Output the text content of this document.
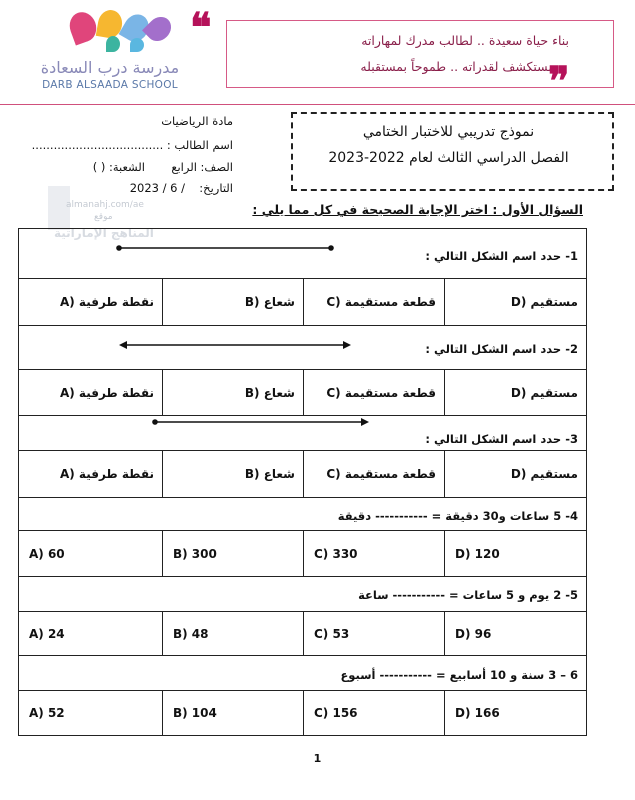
مدرسة درب السعادة
DARB ALSAADA SCHOOL
بناء حياة سعيدة .. لطالب مدرك لمهاراته
مستكشف لقدراته .. طموحاً بمستقبله
❝
❞
نموذج تدريبي للاختبار الختامي
الفصل الدراسي الثالث لعام 2022-2023
مادة الرياضيات
اسم الطالب : ....................................
الصف: الرابع
الشعبة: ( )
التاريخ:
2023 / 6 /
almanahj.com/ae
موقع
المناهج الإماراتية
السؤال الأول : اختر الإجابة الصحيحة في كل مما يلي :
1- حدد اسم الشكل التالي :
نقطة طرفية (A	شعاع (B	قطعة مستقيمة (C	مستقيم (D
2- حدد اسم الشكل التالي :
نقطة طرفية (A	شعاع (B	قطعة مستقيمة (C	مستقيم (D
3- حدد اسم الشكل التالي :
نقطة طرفية (A	شعاع (B	قطعة مستقيمة (C	مستقيم (D
4- 5 ساعات و30 دقيقة = ----------- دقيقة
A) 60	B) 300	C) 330	D) 120
5- 2 يوم و 5 ساعات = ----------- ساعة
A) 24	B) 48	C) 53	D) 96
6 – 3 سنة و 10 أسابيع = ----------- أسبوع
A) 52	B) 104	C) 156	D) 166
1
